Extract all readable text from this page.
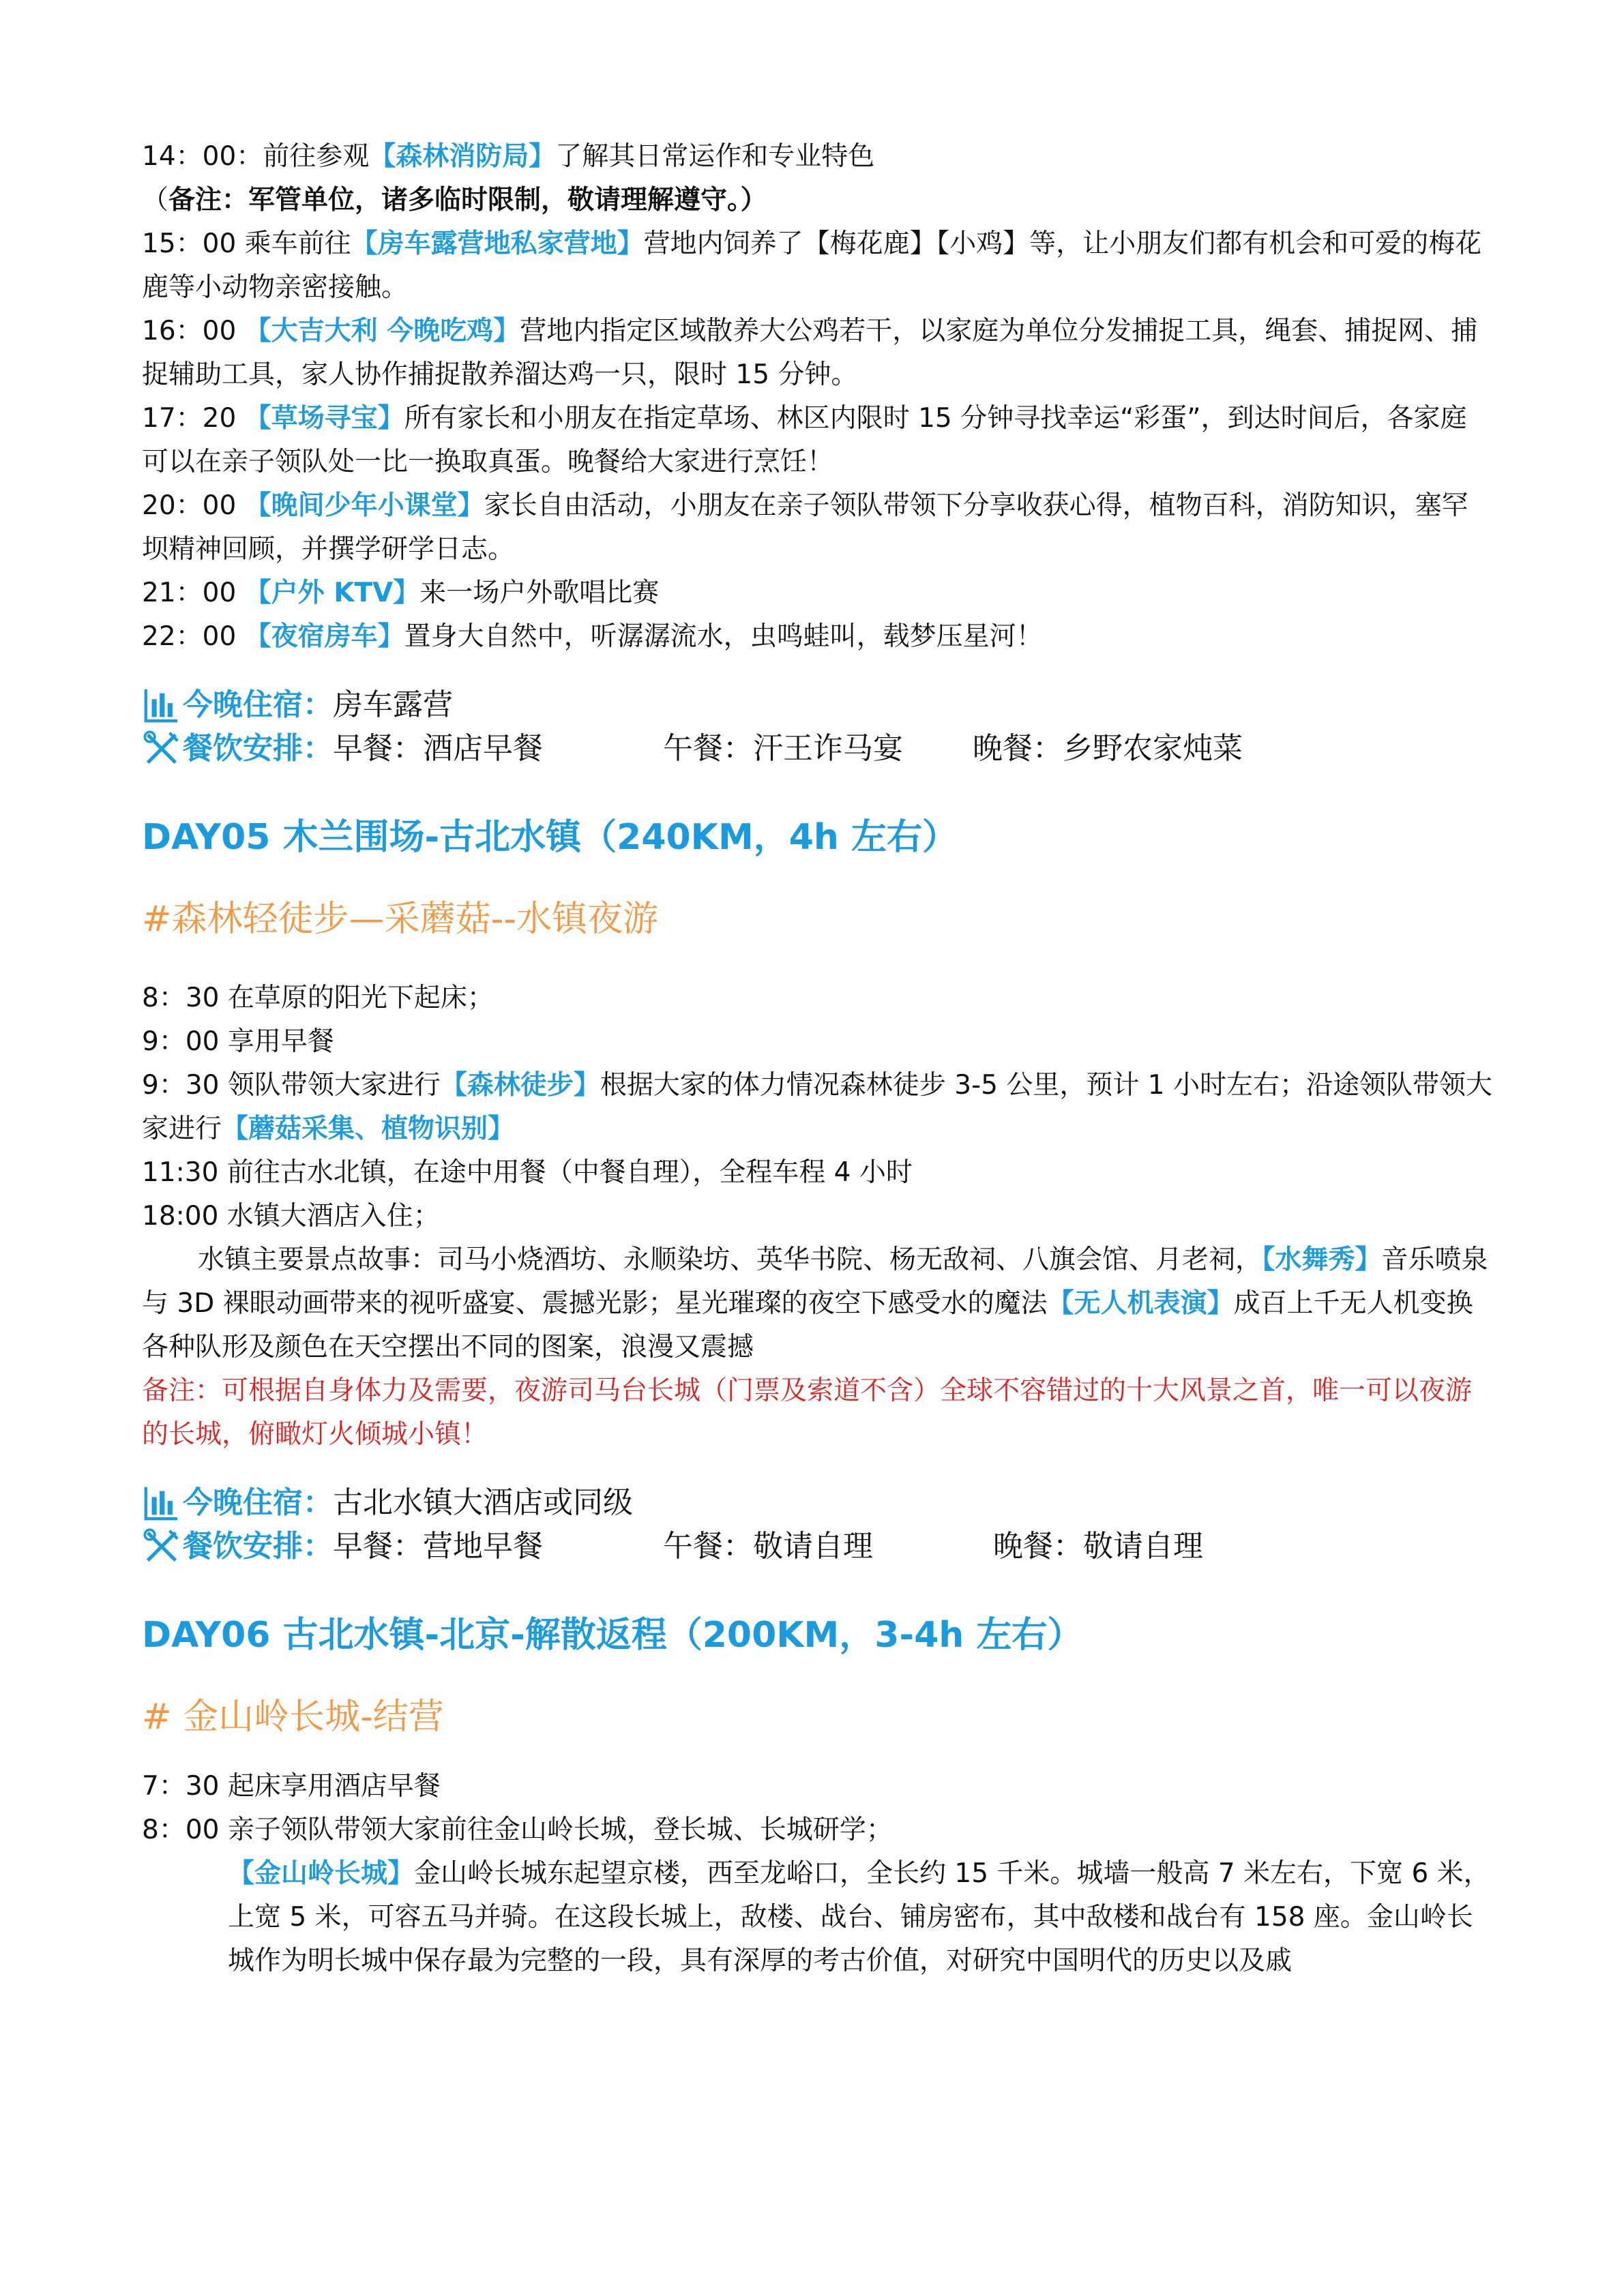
14：00：前往参观【森林消防局】了解其日常运作和专业特色（备注：军管单位，诸多临时限制，敬请理解遵守。）

15：00 乘车前往【房车露营地私家营地】营地内饲养了【梅花鹿】【小鸡】等，让小朋友们都有机会和可爱的梅花鹿等小动物亲密接触。

16：00 【大吉大利 今晚吃鸡】营地内指定区域散养大公鸡若干，以家庭为单位分发捕捉工具，绳套、捕捉网、捕捉辅助工具，家人协作捕捉散养溜达鸡一只，限时 15 分钟。

17：20 【草场寻宝】所有家长和小朋友在指定草场、林区内限时 15 分钟寻找幸运“彩蛋”，到达时间后，各家庭可以在亲子领队处一比一换取真蛋。晚餐给大家进行烹饪！

20：00 【晚间少年小课堂】家长自由活动，小朋友在亲子领队带领下分享收获心得，植物百科，消防知识，塞罕坝精神回顾，并撰学研学日志。

21：00 【户外 KTV】来一场户外歌唱比赛

22：00 【夜宿房车】置身大自然中，听潺潺流水，虫鸣蛙叫，载梦压星河！

今晚住宿： 房车露营

餐饮安排： 早餐：酒店早餐	午餐：汗王诈马宴	晚餐：乡野农家炖菜

DAY05 木兰围场-古北水镇（240KM，4h 左右）

#森林轻徒步—采蘑菇--水镇夜游

8：30 在草原的阳光下起床；

9：00 享用早餐

9：30 领队带领大家进行【森林徒步】根据大家的体力情况森林徒步 3-5 公里，预计 1 小时左右；沿途领队带领大家进行【蘑菇采集、植物识别】

11:30 前往古水北镇，在途中用餐（中餐自理），全程车程 4 小时

18:00 水镇大酒店入住；

水镇主要景点故事：司马小烧酒坊、永顺染坊、英华书院、杨无敌祠、八旗会馆、月老祠，【水舞秀】音乐喷泉与 3D 裸眼动画带来的视听盛宴、震撼光影；星光璀璨的夜空下感受水的魔法【无人机表演】成百上千无人机变换各种队形及颜色在天空摆出不同的图案，浪漫又震撼

备注：可根据自身体力及需要，夜游司马台长城（门票及索道不含）全球不容错过的十大风景之首，唯一可以夜游的长城，俯瞰灯火倾城小镇！

今晚住宿： 古北水镇大酒店或同级

餐饮安排： 早餐：营地早餐	午餐：敬请自理	晚餐：敬请自理

DAY06 古北水镇-北京-解散返程（200KM，3-4h 左右）

# 金山岭长城-结营

7：30 起床享用酒店早餐

8：00 亲子领队带领大家前往金山岭长城，登长城、长城研学；

【金山岭长城】金山岭长城东起望京楼，西至龙峪口，全长约 15 千米。城墙一般高 7 米左右，下宽 6 米，上宽 5 米，可容五马并骑。在这段长城上，敌楼、战台、铺房密布，其中敌楼和战台有 158 座。金山岭长城作为明长城中保存最为完整的一段，具有深厚的考古价值，对研究中国明代的历史以及戚
